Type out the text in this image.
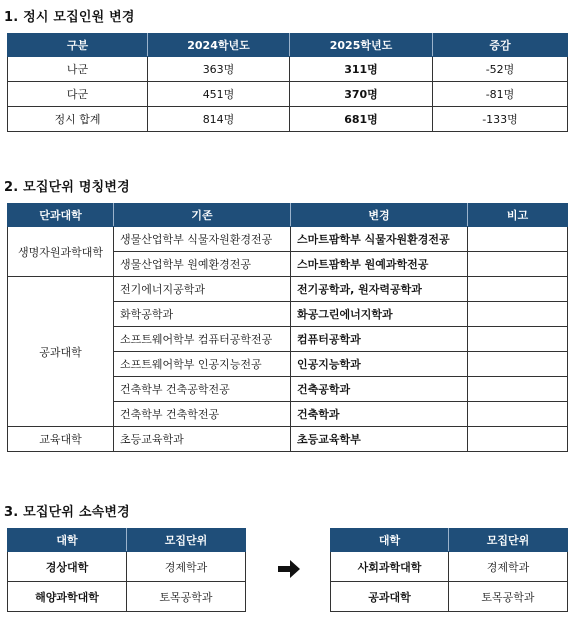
1. 정시 모집인원 변경
구분	2024학년도	2025학년도	증감
나군	363명	311명	-52명
다군	451명	370명	-81명
정시 합계	814명	681명	-133명
2. 모집단위 명칭변경
단과대학	기존	변경	비고
생명자원과학대학	생물산업학부 식물자원환경전공	스마트팜학부 식물자원환경전공	
	생물산업학부 원예환경전공	스마트팜학부 원예과학전공	
공과대학	전기에너지공학과	전기공학과, 원자력공학과	
	화학공학과	화공그린에너지학과	
	소프트웨어학부 컴퓨터공학전공	컴퓨터공학과	
	소프트웨어학부 인공지능전공	인공지능학과	
	건축학부 건축공학전공	건축공학과	
	건축학부 건축학전공	건축학과	
교육대학	초등교육학과	초등교육학부	
3. 모집단위 소속변경
대학	모집단위
경상대학	경제학과
해양과학대학	토목공학과
대학	모집단위
사회과학대학	경제학과
공과대학	토목공학과
